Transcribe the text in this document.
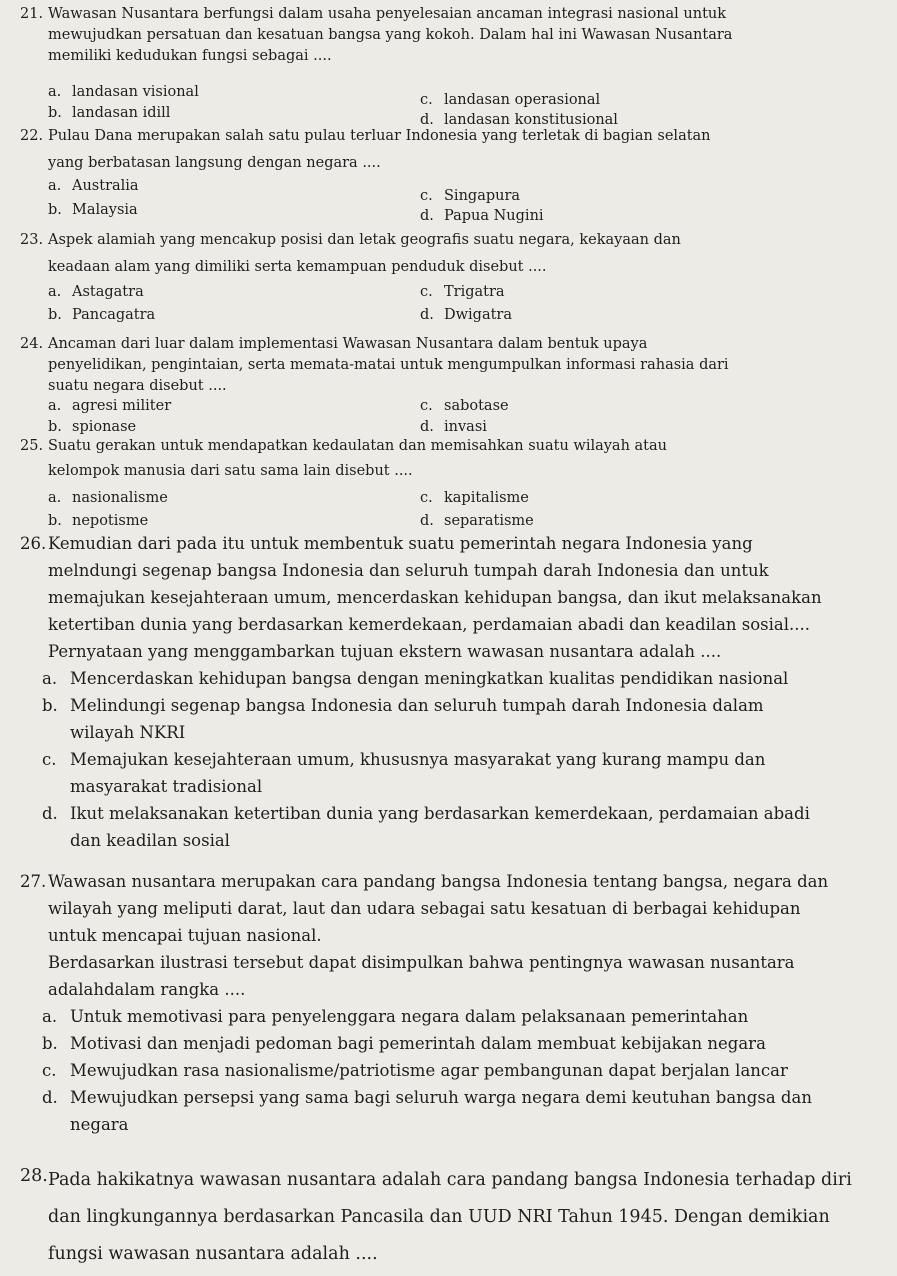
21. Wawasan Nusantara berfungsi dalam usaha penyelesaian ancaman integrasi nasional untuk
mewujudkan persatuan dan kesatuan bangsa yang kokoh. Dalam hal ini Wawasan Nusantara
memiliki kedudukan fungsi sebagai ....
a. landasan visional
b. landasan idill
c. landasan operasional
d. landasan konstitusional
22. Pulau Dana merupakan salah satu pulau terluar Indonesia yang terletak di bagian selatan
yang berbatasan langsung dengan negara ....
a. Australia
b. Malaysia
c. Singapura
d. Papua Nugini
23. Aspek alamiah yang mencakup posisi dan letak geografis suatu negara, kekayaan dan
keadaan alam yang dimiliki serta kemampuan penduduk disebut ....
a. Astagatra
b. Pancagatra
c. Trigatra
d. Dwigatra
24. Ancaman dari luar dalam implementasi Wawasan Nusantara dalam bentuk upaya
penyelidikan, pengintaian, serta memata-matai untuk mengumpulkan informasi rahasia dari
suatu negara disebut ....
a. agresi militer
b. spionase
c. sabotase
d. invasi
25. Suatu gerakan untuk mendapatkan kedaulatan dan memisahkan suatu wilayah atau
kelompok manusia dari satu sama lain disebut ....
a. nasionalisme
b. nepotisme
c. kapitalisme
d. separatisme
26. Kemudian dari pada itu untuk membentuk suatu pemerintah negara Indonesia yang
melndungi segenap bangsa Indonesia dan seluruh tumpah darah Indonesia dan untuk
memajukan kesejahteraan umum, mencerdaskan kehidupan bangsa, dan ikut melaksanakan
ketertiban dunia yang berdasarkan kemerdekaan, perdamaian abadi dan keadilan sosial....
Pernyataan yang menggambarkan tujuan ekstern wawasan nusantara adalah ....
a. Mencerdaskan kehidupan bangsa dengan meningkatkan kualitas pendidikan nasional
b. Melindungi segenap bangsa Indonesia dan seluruh tumpah darah Indonesia dalam
wilayah NKRI
c. Memajukan kesejahteraan umum, khususnya masyarakat yang kurang mampu dan
masyarakat tradisional
d. Ikut melaksanakan ketertiban dunia yang berdasarkan kemerdekaan, perdamaian abadi
dan keadilan sosial
27. Wawasan nusantara merupakan cara pandang bangsa Indonesia tentang bangsa, negara dan
wilayah yang meliputi darat, laut dan udara sebagai satu kesatuan di berbagai kehidupan
untuk mencapai tujuan nasional.
Berdasarkan ilustrasi tersebut dapat disimpulkan bahwa pentingnya wawasan nusantara
adalahdalam rangka ....
a. Untuk memotivasi para penyelenggara negara dalam pelaksanaan pemerintahan
b. Motivasi dan menjadi pedoman bagi pemerintah dalam membuat kebijakan negara
c. Mewujudkan rasa nasionalisme/patriotisme agar pembangunan dapat berjalan lancar
d. Mewujudkan persepsi yang sama bagi seluruh warga negara demi keutuhan bangsa dan
negara
28. Pada hakikatnya wawasan nusantara adalah cara pandang bangsa Indonesia terhadap diri
dan lingkungannya berdasarkan Pancasila dan UUD NRI Tahun 1945. Dengan demikian
fungsi wawasan nusantara adalah ....
